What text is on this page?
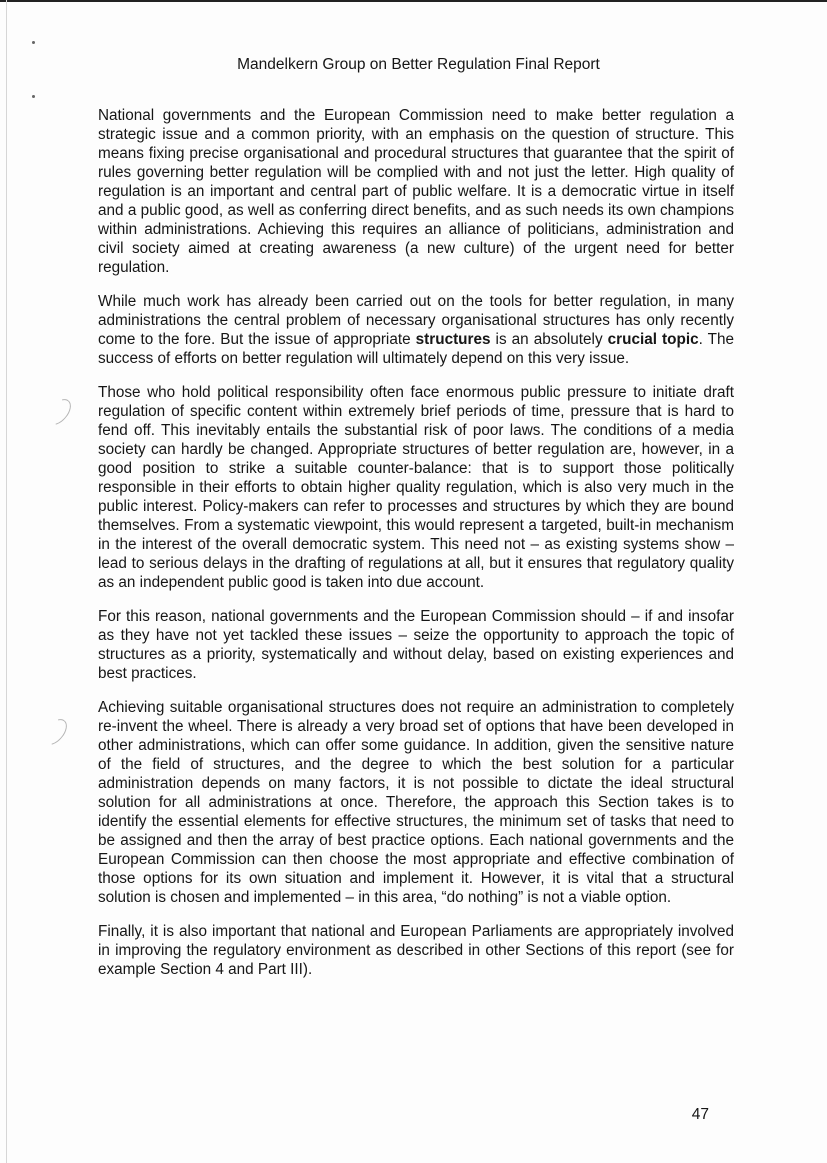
Mandelkern Group on Better Regulation Final Report

National governments and the European Commission need to make better regulation a strategic issue and a common priority, with an emphasis on the question of structure. This means fixing precise organisational and procedural structures that guarantee that the spirit of rules governing better regulation will be complied with and not just the letter. High quality of regulation is an important and central part of public welfare. It is a democratic virtue in itself and a public good, as well as conferring direct benefits, and as such needs its own champions within administrations. Achieving this requires an alliance of politicians, administration and civil society aimed at creating awareness (a new culture) of the urgent need for better regulation.

While much work has already been carried out on the tools for better regulation, in many administrations the central problem of necessary organisational structures has only recently come to the fore. But the issue of appropriate structures is an absolutely crucial topic. The success of efforts on better regulation will ultimately depend on this very issue.

Those who hold political responsibility often face enormous public pressure to initiate draft regulation of specific content within extremely brief periods of time, pressure that is hard to fend off. This inevitably entails the substantial risk of poor laws. The conditions of a media society can hardly be changed. Appropriate structures of better regulation are, however, in a good position to strike a suitable counter-balance: that is to support those politically responsible in their efforts to obtain higher quality regulation, which is also very much in the public interest. Policy-makers can refer to processes and structures by which they are bound themselves. From a systematic viewpoint, this would represent a targeted, built-in mechanism in the interest of the overall democratic system. This need not – as existing systems show – lead to serious delays in the drafting of regulations at all, but it ensures that regulatory quality as an independent public good is taken into due account.

For this reason, national governments and the European Commission should – if and insofar as they have not yet tackled these issues – seize the opportunity to approach the topic of structures as a priority, systematically and without delay, based on existing experiences and best practices.

Achieving suitable organisational structures does not require an administration to completely re-invent the wheel. There is already a very broad set of options that have been developed in other administrations, which can offer some guidance. In addition, given the sensitive nature of the field of structures, and the degree to which the best solution for a particular administration depends on many factors, it is not possible to dictate the ideal structural solution for all administrations at once. Therefore, the approach this Section takes is to identify the essential elements for effective structures, the minimum set of tasks that need to be assigned and then the array of best practice options. Each national governments and the European Commission can then choose the most appropriate and effective combination of those options for its own situation and implement it. However, it is vital that a structural solution is chosen and implemented – in this area, “do nothing” is not a viable option.

Finally, it is also important that national and European Parliaments are appropriately involved in improving the regulatory environment as described in other Sections of this report (see for example Section 4 and Part III).

47
